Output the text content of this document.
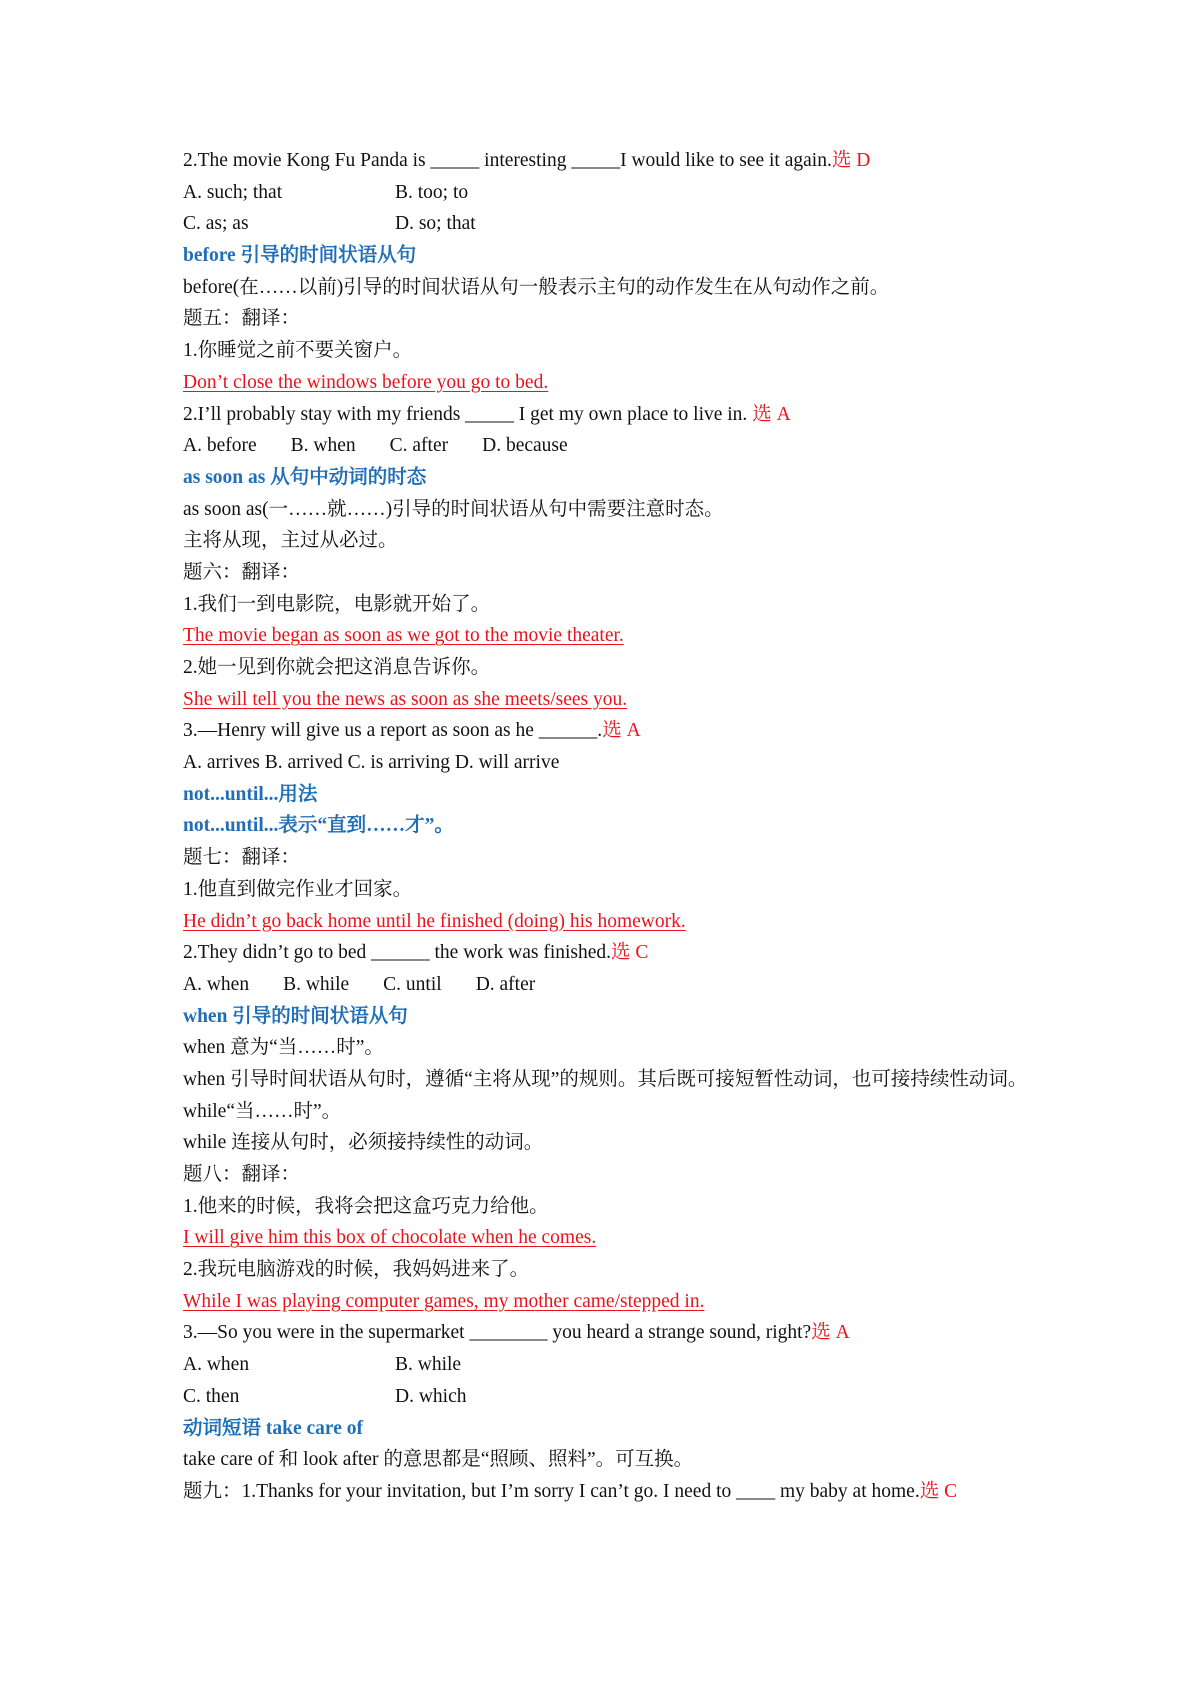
2.The movie Kong Fu Panda is _____ interesting _____I would like to see it again.选 D
A. such; that	B. too; to
C. as; as	D. so; that
before 引导的时间状语从句
before(在……以前)引导的时间状语从句一般表示主句的动作发生在从句动作之前。
题五：翻译：
1.你睡觉之前不要关窗户。
Don’t close the windows before you go to bed.
2.I’ll probably stay with my friends _____ I get my own place to live in. 选 A
A. before B. when C. after D. because
as soon as 从句中动词的时态
as soon as(一……就……)引导的时间状语从句中需要注意时态。
主将从现，主过从必过。
题六：翻译：
1.我们一到电影院，电影就开始了。
The movie began as soon as we got to the movie theater.
2.她一见到你就会把这消息告诉你。
She will tell you the news as soon as she meets/sees you.
3.—Henry will give us a report as soon as he ______.选 A
A. arrives B. arrived C. is arriving D. will arrive
not...until...用法
not...until...表示“直到……才”。
题七：翻译：
1.他直到做完作业才回家。
He didn’t go back home until he finished (doing) his homework.
2.They didn’t go to bed ______ the work was finished.选 C
A. when B. while C. until D. after
when 引导的时间状语从句
when 意为“当……时”。
when 引导时间状语从句时，遵循“主将从现”的规则。其后既可接短暂性动词，也可接持续性动词。
while“当……时”。
while 连接从句时，必须接持续性的动词。
题八：翻译：
1.他来的时候，我将会把这盒巧克力给他。
I will give him this box of chocolate when he comes.
2.我玩电脑游戏的时候，我妈妈进来了。
While I was playing computer games, my mother came/stepped in.
3.—So you were in the supermarket ________ you heard a strange sound, right?选 A
A. when	B. while
C. then	D. which
动词短语 take care of
take care of 和 look after 的意思都是“照顾、照料”。可互换。
题九：1.Thanks for your invitation, but I’m sorry I can’t go. I need to ____ my baby at home.选 C
